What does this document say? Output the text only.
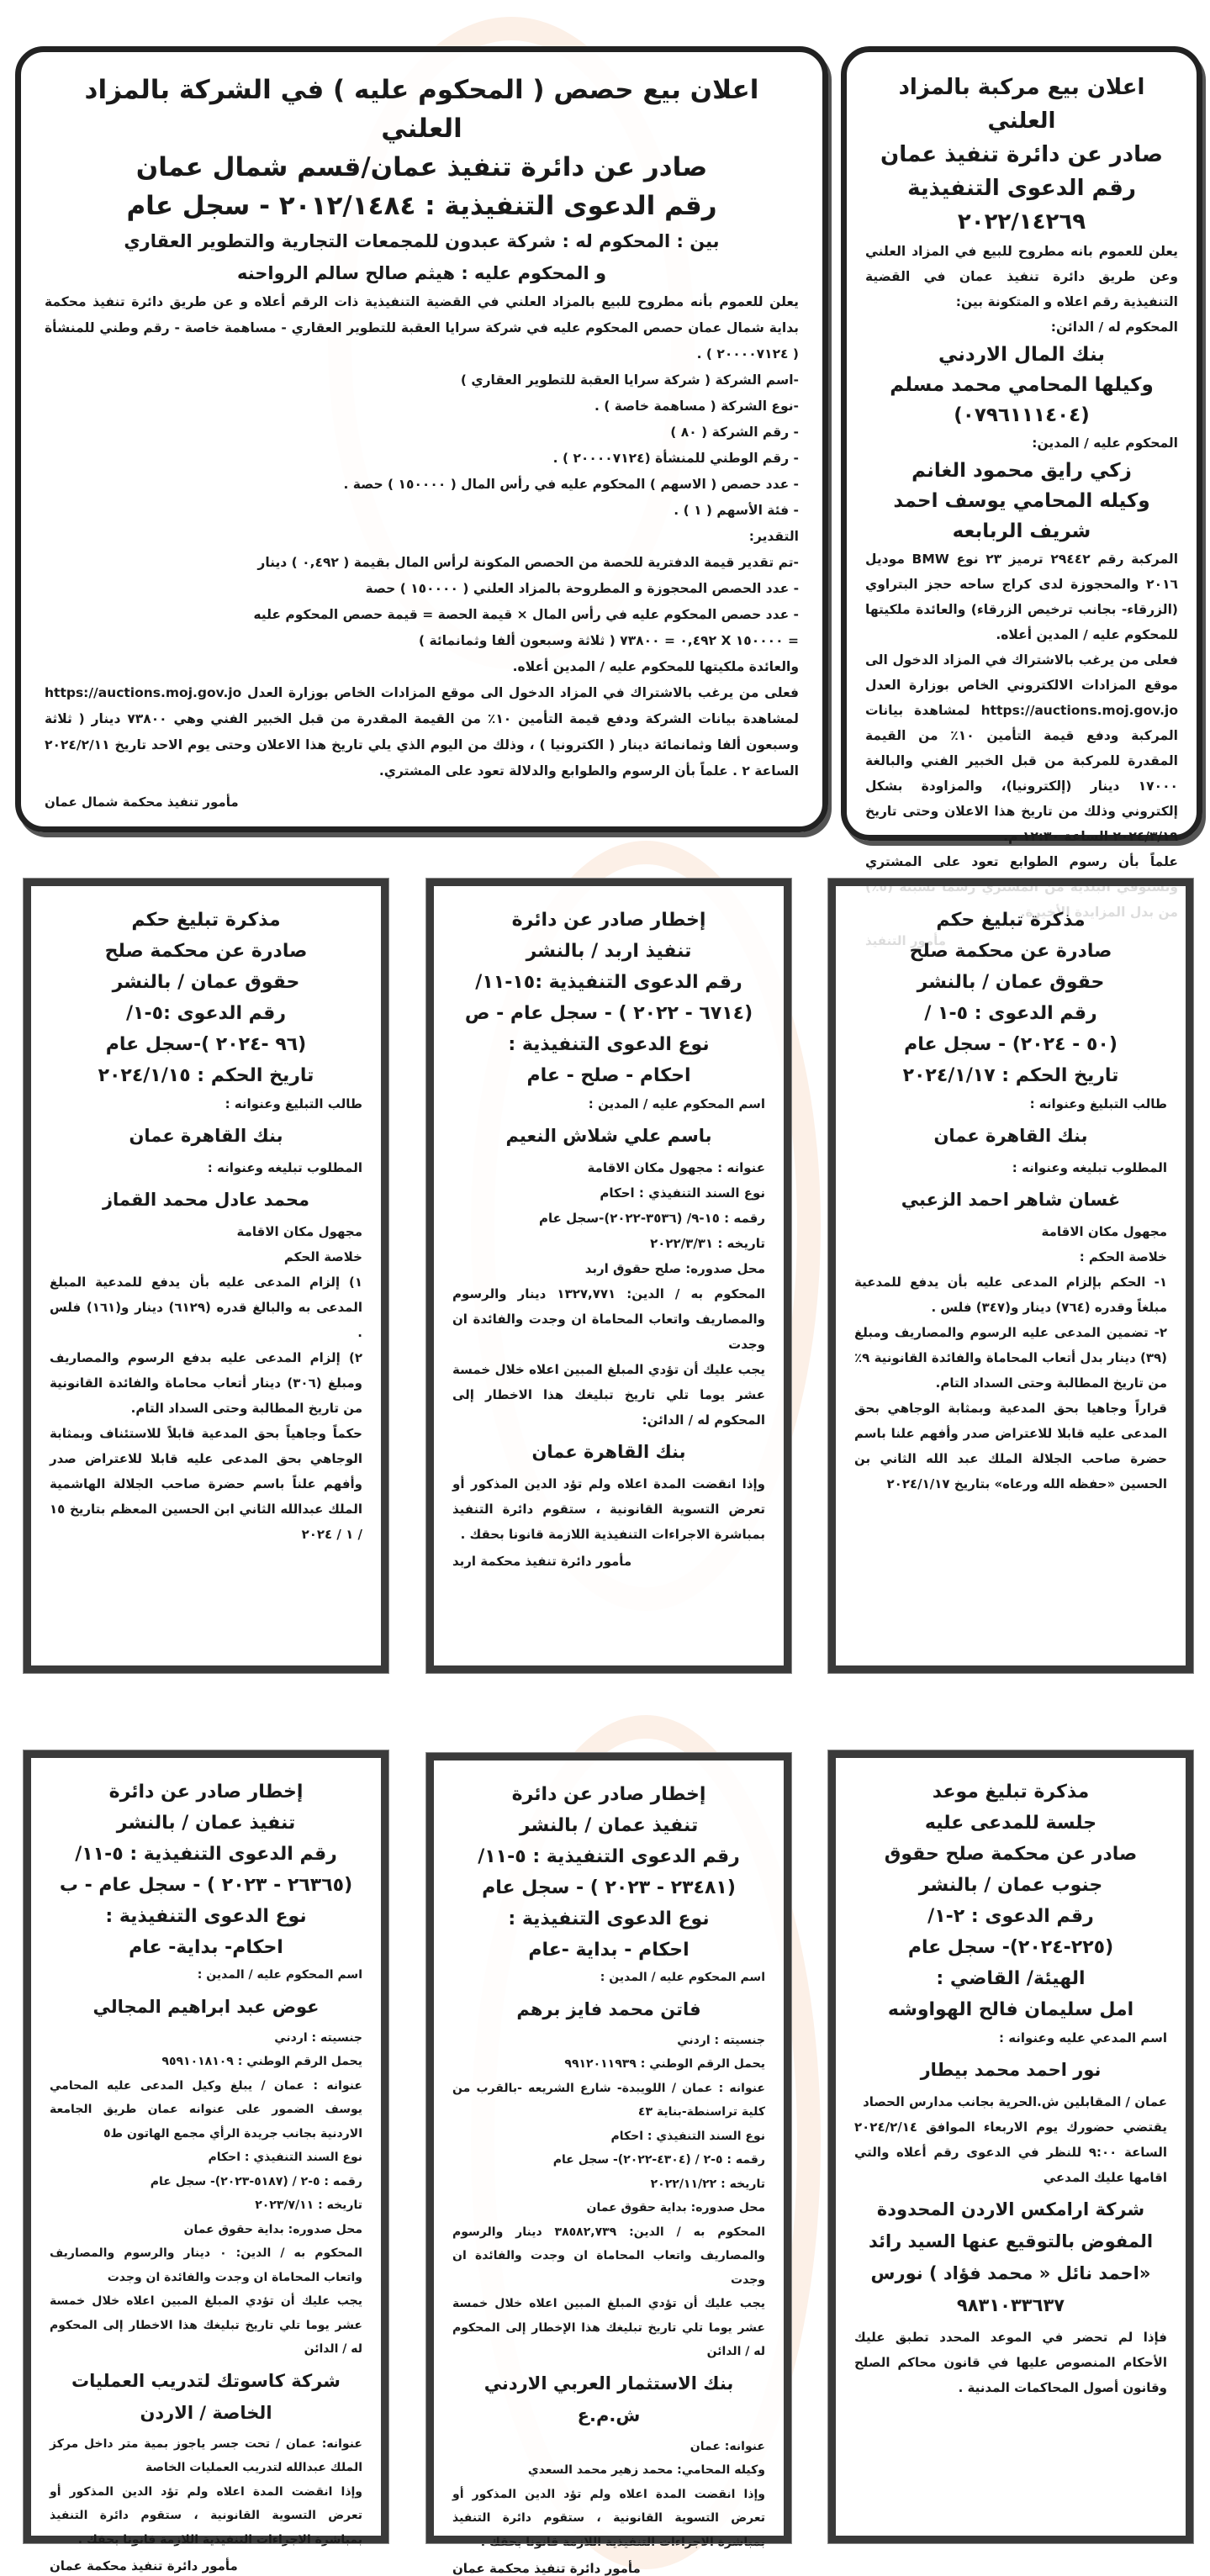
اعلان بيع مركبة بالمزاد العلني

صادر عن دائرة تنفيذ عمان

رقم الدعوى التنفيذية ٢٠٢٢/١٤٢٦٩

يعلن للعموم بانه مطروح للبيع في المزاد العلني وعن طريق دائرة تنفيذ عمان في القضية التنفيذية رقم اعلاه و المتكونة بين:

المحكوم له / الدائن:

بنك المال الاردني

وكيلها المحامي محمد مسلم

(٠٧٩٦١١١٤٠٤)

المحكوم عليه / المدين:

زكي رايق محمود الغانم

وكيله المحامي يوسف احمد شريف الربابعه

المركبة رقم ٢٩٤٤٢ ترميز ٢٣ نوع BMW موديل ٢٠١٦ والمحجوزة لدى كراج ساحه حجز البتراوي (الزرقاء- بجانب ترخيص الزرقاء) والعائدة ملكيتها للمحكوم عليه / المدين أعلاه.

فعلى من يرغب بالاشتراك في المزاد الدخول الى موقع المزادات الالكتروني الخاص بوزارة العدل https://auctions.moj.gov.jo لمشاهدة بيانات المركبة ودفع قيمة التأمين ١٠٪ من القيمة المقدرة للمركبة من قبل الخبير الفني والبالغة ١٧٠٠٠ دينار (إلكترونيا)، والمزاودة بشكل إلكتروني وذلك من تاريخ هذا الاعلان وحتى تاريخ ٢٠٢٤/٣/١٩ الساعة ١٢:٣٠ م.

علماً بأن رسوم الطوابع تعود على المشتري

اعلان بيع حصص ( المحكوم عليه ) في الشركة بالمزاد العلني

صادر عن دائرة تنفيذ عمان/قسم شمال عمان

رقم الدعوى التنفيذية : ٢٠١٢/١٤٨٤ - سجل عام

بين : المحكوم له : شركة عبدون للمجمعات التجارية والتطوير العقاري

و المحكوم عليه : هيثم صالح سالم الرواحنه

يعلن للعموم بأنه مطروح للبيع بالمزاد العلني في القضية التنفيذية ذات الرقم أعلاه و عن طريق دائرة تنفيذ محكمة بداية شمال عمان حصص المحكوم عليه في شركة سرايا العقبة للتطوير العقاري - مساهمة خاصة - رقم وطني للمنشأة ( ٢٠٠٠٠٧١٢٤ ) .

-اسم الشركة ( شركة سرايا العقبة للتطوير العقاري )

-نوع الشركة ( مساهمة خاصة ) .

- رقم الشركة ( ٨٠ )

- رقم الوطني للمنشأة (٢٠٠٠٠٧١٢٤ ) .

- عدد حصص ( الاسهم ) المحكوم عليه في رأس المال ( ١٥٠٠٠٠ ) حصة .

- فئة الأسهم ( ١ ) .

التقدير:

-تم تقدير قيمة الدفترية للحصة من الحصص المكونة لرأس المال بقيمة ( ٠,٤٩٢ ) دينار

- عدد الحصص المحجوزة و المطروحة بالمزاد العلني ( ١٥٠٠٠٠ ) حصة

- عدد حصص المحكوم عليه في رأس المال × قيمة الحصة = قيمة حصص المحكوم عليه

= ١٥٠٠٠٠ X ٠,٤٩٢ = ٧٣٨٠٠ ( ثلاثة وسبعون ألفا وثمانمائة )

والعائدة ملكيتها للمحكوم عليه / المدين أعلاه.

فعلى من يرغب بالاشتراك في المزاد الدخول الى موقع المزادات الخاص بوزارة العدل https://auctions.moj.gov.jo لمشاهدة بيانات الشركة ودفع قيمة التأمين ١٠٪ من القيمة المقدرة من قبل الخبير الفني وهي ٧٣٨٠٠ دينار ( ثلاثة وسبعون ألفا وثمانمائة دينار ( الكترونيا ) ، وذلك من اليوم الذي يلي تاريخ هذا الاعلان وحتى يوم الاحد تاريخ ٢٠٢٤/٢/١١ الساعة ٢ . علماً بأن الرسوم والطوابع والدلالة تعود على المشتري.

مأمور تنفيذ محكمة شمال عمان

مذكرة تبليغ حكم

صادرة عن محكمة صلح

حقوق عمان / بالنشر

رقم الدعوى : ٥-١ /

(٥٠ - ٢٠٢٤) - سجل عام

تاريخ الحكم : ٢٠٢٤/١/١٧

طالب التبليغ وعنوانه :

بنك القاهرة عمان

المطلوب تبليغه وعنوانه :

غسان شاهر احمد الزعبي

مجهول مكان الاقامة

خلاصة الحكم :

١- الحكم بإلزام المدعى عليه بأن يدفع للمدعية مبلغاً وقدره (٧٦٤) دينار و(٣٤٧) فلس .

٢- تضمين المدعى عليه الرسوم والمصاريف ومبلغ (٣٩) دينار بدل أتعاب المحاماة والفائدة القانونية ٩٪ من تاريخ المطالبة وحتى السداد التام.

قراراً وجاهيا بحق المدعية وبمثابة الوجاهي بحق المدعى عليه قابلا للاعتراض صدر وأفهم علنا باسم حضرة صاحب الجلالة الملك عبد الله الثاني بن الحسين «حفظه الله ورعاه» بتاريخ ٢٠٢٤/١/١٧

إخطار صادر عن دائرة

تنفيذ اربد / بالنشر

رقم الدعوى التنفيذية :١٥-١١/

(٦٧١٤ - ٢٠٢٢ ) - سجل عام - ص

نوع الدعوى التنفيذية :

احكام - صلح - عام

اسم المحكوم عليه / المدين :

باسم علي شلاش النعيم

عنوانه : مجهول مكان الاقامة

نوع السند التنفيذي : احكام

رقمه : ١٥-٩/ (٣٥٣٦-٢٠٢٢)-سجل عام

تاريخه : ٢٠٢٢/٣/٣١

محل صدوره: صلح حقوق اربد

المحكوم به / الدين: ١٣٢٧,٧٧١ دينار والرسوم والمصاريف واتعاب المحاماة ان وجدت والفائدة ان وجدت

يجب عليك أن تؤدي المبلغ المبين اعلاه خلال خمسة عشر يوما تلي تاريخ تبليغك هذا الاخطار إلى المحكوم له / الدائن:

بنك القاهرة عمان

وإذا انقضت المدة اعلاه ولم تؤد الدين المذكور أو تعرض التسوية القانونية ، ستقوم دائرة التنفيذ بمباشرة الاجراءات التنفيذية اللازمة قانونا بحقك .

مأمور دائرة تنفيذ محكمة اربد

مذكرة تبليغ حكم

صادرة عن محكمة صلح

حقوق عمان / بالنشر

رقم الدعوى :٥-١/

(٩٦ -٢٠٢٤ )-سجل عام

تاريخ الحكم : ٢٠٢٤/١/١٥

طالب التبليغ وعنوانه :

بنك القاهرة عمان

المطلوب تبليغه وعنوانه :

محمد عادل محمد القماز

مجهول مكان الاقامة

خلاصة الحكم

١) إلزام المدعى عليه بأن يدفع للمدعية المبلغ المدعى به والبالغ قدره (٦١٢٩) دينار و(١٦١) فلس .

٢) إلزام المدعى عليه بدفع الرسوم والمصاريف ومبلغ (٣٠٦) دينار أتعاب محاماة والفائدة القانونية من تاريخ المطالبة وحتى السداد التام.

حكماً وجاهياً بحق المدعية قابلاً للاستئناف وبمثابة الوجاهي بحق المدعى عليه قابلا للاعتراض صدر وأفهم علناً باسم حضرة صاحب الجلالة الهاشمية الملك عبدالله الثاني ابن الحسين المعظم بتاريخ ١٥ / ١ / ٢٠٢٤

مذكرة تبليغ موعد

جلسة للمدعى عليه

صادر عن محكمة صلح حقوق

جنوب عمان / بالنشر

رقم الدعوى : ٢-١/

(٢٢٥-٢٠٢٤)- سجل عام

الهيئة/ القاضي :

امل سليمان فالح الهواوشه

اسم المدعي عليه وعنوانه :

نور احمد محمد بيطار

عمان / المقابلين ش.الحرية بجانب مدارس الحصاد

يقتضي حضورك يوم الاربعاء الموافق ٢٠٢٤/٢/١٤ الساعة ٩:٠٠ للنظر في الدعوى رقم أعلاه والتي اقامها عليك المدعي

شركة ارامكس الاردن المحدودة المفوض بالتوقيع عنها السيد رائد «احمد نائل « محمد فؤاد ) نورس ٩٨٣١٠٣٣٦٣٧

فإذا لم تحضر في الموعد المحدد تطبق عليك الأحكام المنصوص عليها في قانون محاكم الصلح وقانون أصول المحاكمات المدنية .

إخطار صادر عن دائرة

تنفيذ عمان / بالنشر

رقم الدعوى التنفيذية : ٥-١١/

(٢٣٤٨١ - ٢٠٢٣ ) - سجل عام

نوع الدعوى التنفيذية :

احكام - بداية -عام

اسم المحكوم عليه / المدين :

فاتن محمد فايز برهم

جنسيته : اردني

يحمل الرقم الوطني : ٩٩١٢٠١١٩٣٩

عنوانه : عمان / اللويبدة- شارع الشريعه -بالقرب من كلية تراسنطة-بناية ٤٣

نوع السند التنفيذي : احكام

رقمه : ٥-٢ / (٤٣٠٤-٢٠٢٢)- سجل عام

تاريخه : ٢٠٢٢/١١/٢٢

محل صدوره: بداية حقوق عمان

المحكوم به / الدين: ٣٨٥٨٢,٧٣٩ دينار والرسوم والمصاريف واتعاب المحاماة ان وجدت والفائدة ان وجدت

يجب عليك أن تؤدي المبلغ المبين اعلاه خلال خمسة عشر يوما تلي تاريخ تبليغك هذا الإخطار إلى المحكوم له / الدائن

بنك الاستثمار العربي الاردني ش.م.ع

عنوانه: عمان

وكيله المحامي: محمد زهير محمد السعدي

وإذا انقضت المدة اعلاه ولم تؤد الدين المذكور أو تعرض التسوية القانونية ، ستقوم دائرة التنفيذ بمباشرة الاجراءات التنفيذية اللازمة قانونا بحقك .

مأمور دائرة تنفيذ محكمة عمان

إخطار صادر عن دائرة

تنفيذ عمان / بالنشر

رقم الدعوى التنفيذية : ٥-١١/

(٢٦٣٦٥ - ٢٠٢٣ ) - سجل عام - ب

نوع الدعوى التنفيذية :

احكام- بداية- عام

اسم المحكوم عليه / المدين :

عوض عبد ابراهيم المجالي

جنسيته : اردني

يحمل الرقم الوطني : ٩٥٩١٠١٨١٠٩

عنوانه : عمان / يبلغ وكيل المدعى عليه المحامي يوسف الضمور على عنوانه عمان طريق الجامعة الاردنية بجانب جريدة الرأي مجمع الهاتون ط٥

نوع السند التنفيذي : احكام

رقمه : ٥-٢ / (٥١٨٧-٢٠٢٣)- سجل عام

تاريخه : ٢٠٢٣/٧/١١

محل صدوره: بداية حقوق عمان

المحكوم به / الدين: ٠ دينار والرسوم والمصاريف واتعاب المحاماة ان وجدت والفائدة ان وجدت

يجب عليك أن تؤدي المبلغ المبين اعلاه خلال خمسة عشر يوما تلي تاريخ تبليغك هذا الاخطار إلى المحكوم له / الدائن

شركة كاسوتك لتدريب العمليات الخاصة / الاردن

عنوانه: عمان / تحت جسر ياجوز بمية متر داخل مركز الملك عبدالله لتدريب العمليات الخاصة

وإذا انقضت المدة اعلاه ولم تؤد الدين المذكور أو تعرض التسوية القانونية ، ستقوم دائرة التنفيذ بمباشرة الاجراءات التنفيذية اللازمة قانونا بحقك .

مأمور دائرة تنفيذ محكمة عمان
